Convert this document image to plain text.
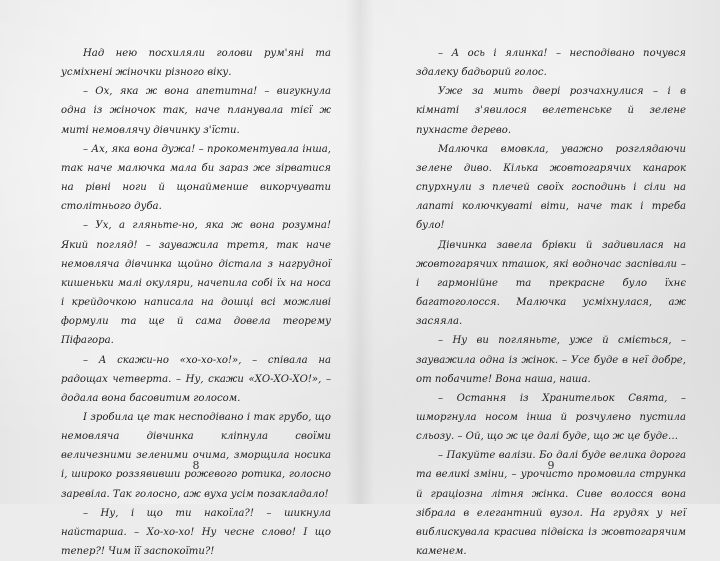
Над нею посхиляли голови рум'яні та усміхнені жіночки різного віку.

– Ох, яка ж вона апетитна! – вигукнула одна із жіночок так, наче планувала тієї ж миті немовлячу дівчинку з'їсти.

– Ах, яка вона дужа! – прокоментувала інша, так наче малючка мала би зараз же зірватися на рівні ноги й щонайменше викорчувати столітнього дуба.

– Ух, а гляньте-но, яка ж вона розумна! Який погляд! – зауважила третя, так наче немовляча дівчинка щойно дістала з нагрудної кишеньки малі окуляри, начепила собі їх на носа і крейдочкою написала на дошці всі можливі формули та ще й сама довела теорему Піфагора.

– А скажи-но «хо-хо-хо!», – співала на радощах четверта. – Ну, скажи «ХО-ХО-ХО!», – додала вона басовитим голосом.

І зробила це так несподівано і так грубо, що немовляча дівчинка кліпнула своїми величезними зеленими очима, зморщила носика і, широко роззявивши рожевого ротика, голосно заревіла. Так голосно, аж вуха усім позакладало!

– Ну, і що ти накоїла?! – шикнула найстарша. – Хо-хо-хо! Ну чесне слово! І що тепер?! Чим її заспокоїти?!

8

– А ось і ялинка! – несподівано почувся здалеку бадьорий голос.

Уже за мить двері розчахнулися – і в кімнаті з'явилося велетенське й зелене пухнасте дерево.

Малючка вмовкла, уважно розглядаючи зелене диво. Кілька жовтогарячих канарок спурхнули з плечей своїх господинь і сіли на лапаті колючкуваті віти, наче так і треба було!

Дівчинка завела брівки й задивилася на жовтогарячих пташок, які водночас заспівали – і гармонійне та прекрасне було їхнє багатоголосся. Малючка усміхнулася, аж засяяла.

– Ну ви погляньте, уже й сміється, – зауважила одна із жінок. – Усе буде в неї добре, от побачите! Вона наша, наша.

– Остання із Хранительок Свята, – шморгнула носом інша й розчулено пустила сльозу. – Ой, що ж це далі буде, що ж це буде…

– Пакуйте валізи. Бо далі буде велика дорога та великі зміни, – урочисто промовила струнка й граціозна літня жінка. Сиве волосся вона зібрала в елегантний вузол. На грудях у неї виблискувала красива підвіска із жовтогарячим каменем.

9
